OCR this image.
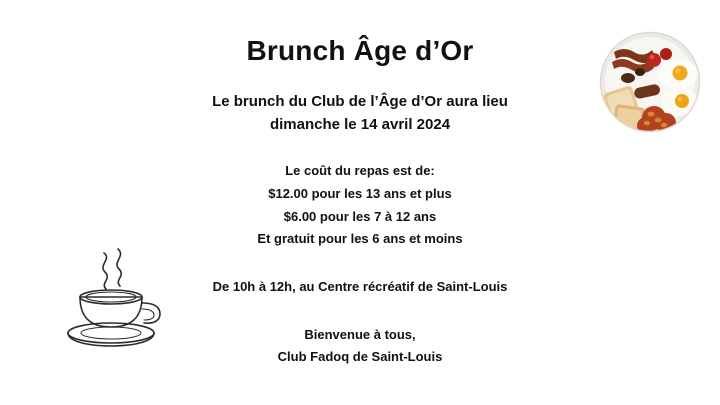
Brunch Âge d’Or

Le brunch du Club de l’Âge d’Or aura lieu
dimanche le 14 avril 2024

Le coût du repas est de:
$12.00 pour les 13 ans et plus
$6.00 pour les 7 à 12 ans
Et gratuit pour les 6 ans et moins
De 10h à 12h, au Centre récréatif de Saint-Louis
Bienvenue à tous,
Club Fadoq de Saint-Louis
